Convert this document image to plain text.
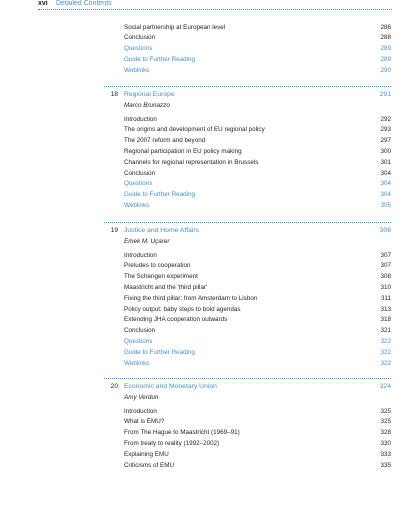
xvi Detailed Contents
Social partnership at European level	286
Conclusion	288
Questions	289
Guide to Further Reading	289
Weblinks	290
18 Regional Europe	291
Marco Brunazzo
Introduction	292
The origins and development of EU regional policy	293
The 2007 reform and beyond	297
Regional participation in EU policy making	300
Channels for regional representation in Brussels	301
Conclusion	304
Questions	304
Guide to Further Reading	304
Weblinks	305
19 Justice and Home Affairs	306
Emek M. Uçarer
Introduction	307
Preludes to cooperation	307
The Schengen experiment	308
Maastricht and the 'third pillar'	310
Fixing the third pillar: from Amsterdam to Lisbon	311
Policy output: baby steps to bold agendas	313
Extending JHA cooperation outwards	318
Conclusion	321
Questions	322
Guide to Further Reading	322
Weblinks	322
20 Economic and Monetary Union	324
Amy Verdun
Introduction	325
What is EMU?	325
From The Hague to Maastricht (1969–91)	328
From treaty to reality (1992–2002)	330
Explaining EMU	333
Criticisms of EMU	335
